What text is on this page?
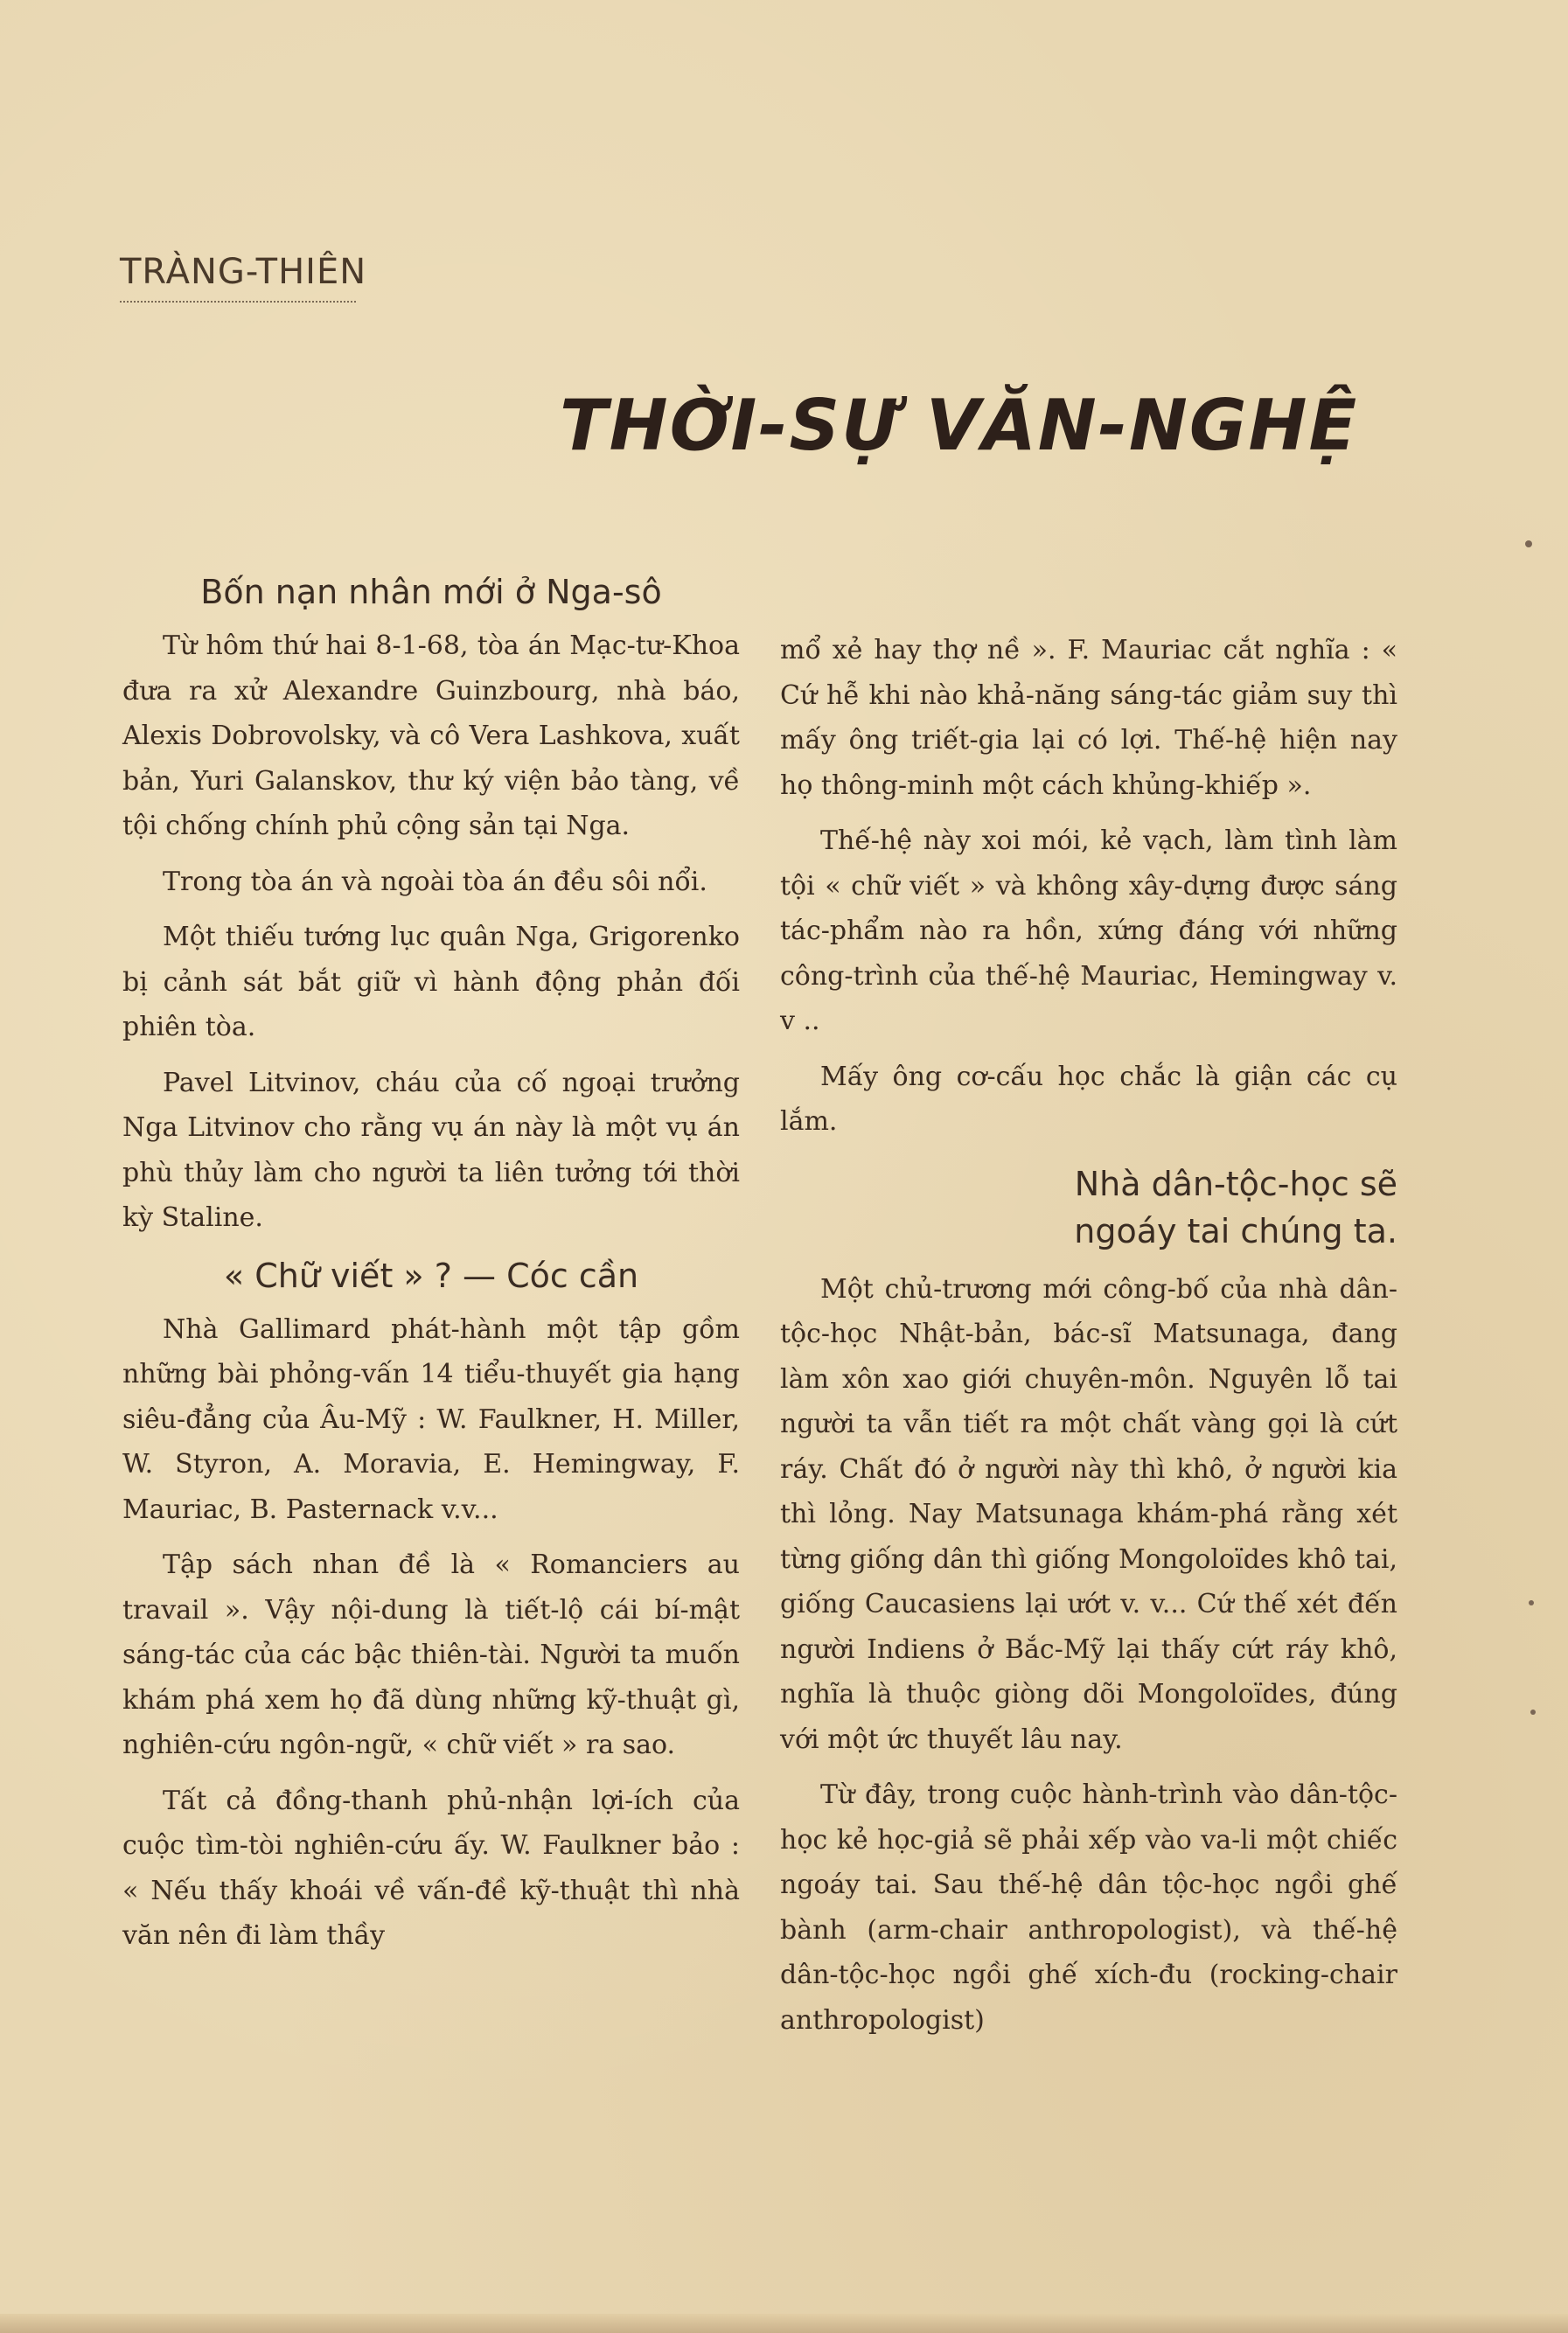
TRÀNG-THIÊN
THỜI-SỰ VĂN-NGHỆ
Bốn nạn nhân mới ở Nga-sô

Từ hôm thứ hai 8-1-68, tòa án Mạc-tư-Khoa đưa ra xử Alexandre Guinzbourg, nhà báo, Alexis Dobrovolsky, và cô Vera Lashkova, xuất bản, Yuri Galanskov, thư ký viện bảo tàng, về tội chống chính phủ cộng sản tại Nga.

Trong tòa án và ngoài tòa án đều sôi nổi.

Một thiếu tướng lục quân Nga, Grigorenko bị cảnh sát bắt giữ vì hành động phản đối phiên tòa.

Pavel Litvinov, cháu của cố ngoại trưởng Nga Litvinov cho rằng vụ án này là một vụ án phù thủy làm cho người ta liên tưởng tới thời kỳ Staline.

« Chữ viết » ? — Cóc cần

Nhà Gallimard phát-hành một tập gồm những bài phỏng-vấn 14 tiểu-thuyết gia hạng siêu-đẳng của Âu-Mỹ : W. Faulkner, H. Miller, W. Styron, A. Moravia, E. Hemingway, F. Mauriac, B. Pasternack v.v...

Tập sách nhan đề là « Romanciers au travail ». Vậy nội-dung là tiết-lộ cái bí-mật sáng-tác của các bậc thiên-tài. Người ta muốn khám phá xem họ đã dùng những kỹ-thuật gì, nghiên-cứu ngôn-ngữ, « chữ viết » ra sao.

Tất cả đồng-thanh phủ-nhận lợi-ích của cuộc tìm-tòi nghiên-cứu ấy. W. Faulkner bảo : « Nếu thấy khoái về vấn-đề kỹ-thuật thì nhà văn nên đi làm thầy

mổ xẻ hay thợ nề ». F. Mauriac cắt nghĩa : « Cứ hễ khi nào khả-năng sáng-tác giảm suy thì mấy ông triết-gia lại có lợi. Thế-hệ hiện nay họ thông-minh một cách khủng-khiếp ».

Thế-hệ này xoi mói, kẻ vạch, làm tình làm tội « chữ viết » và không xây-dựng được sáng tác-phẩm nào ra hồn, xứng đáng với những công-trình của thế-hệ Mauriac, Hemingway v. v ..

Mấy ông cơ-cấu học chắc là giận các cụ lắm.

Nhà dân-tộc-học sẽ
ngoáy tai chúng ta.

Một chủ-trương mới công-bố của nhà dân-tộc-học Nhật-bản, bác-sĩ Matsunaga, đang làm xôn xao giới chuyên-môn. Nguyên lỗ tai người ta vẫn tiết ra một chất vàng gọi là cứt ráy. Chất đó ở người này thì khô, ở người kia thì lỏng. Nay Matsunaga khám-phá rằng xét từng giống dân thì giống Mongoloïdes khô tai, giống Caucasiens lại ướt v. v... Cứ thế xét đến người Indiens ở Bắc-Mỹ lại thấy cứt ráy khô, nghĩa là thuộc giòng dõi Mongoloïdes, đúng với một ức thuyết lâu nay.

Từ đây, trong cuộc hành-trình vào dân-tộc-học kẻ học-giả sẽ phải xếp vào va-li một chiếc ngoáy tai. Sau thế-hệ dân tộc-học ngồi ghế bành (arm-chair anthropologist), và thế-hệ dân-tộc-học ngồi ghế xích-đu (rocking-chair anthropologist)
